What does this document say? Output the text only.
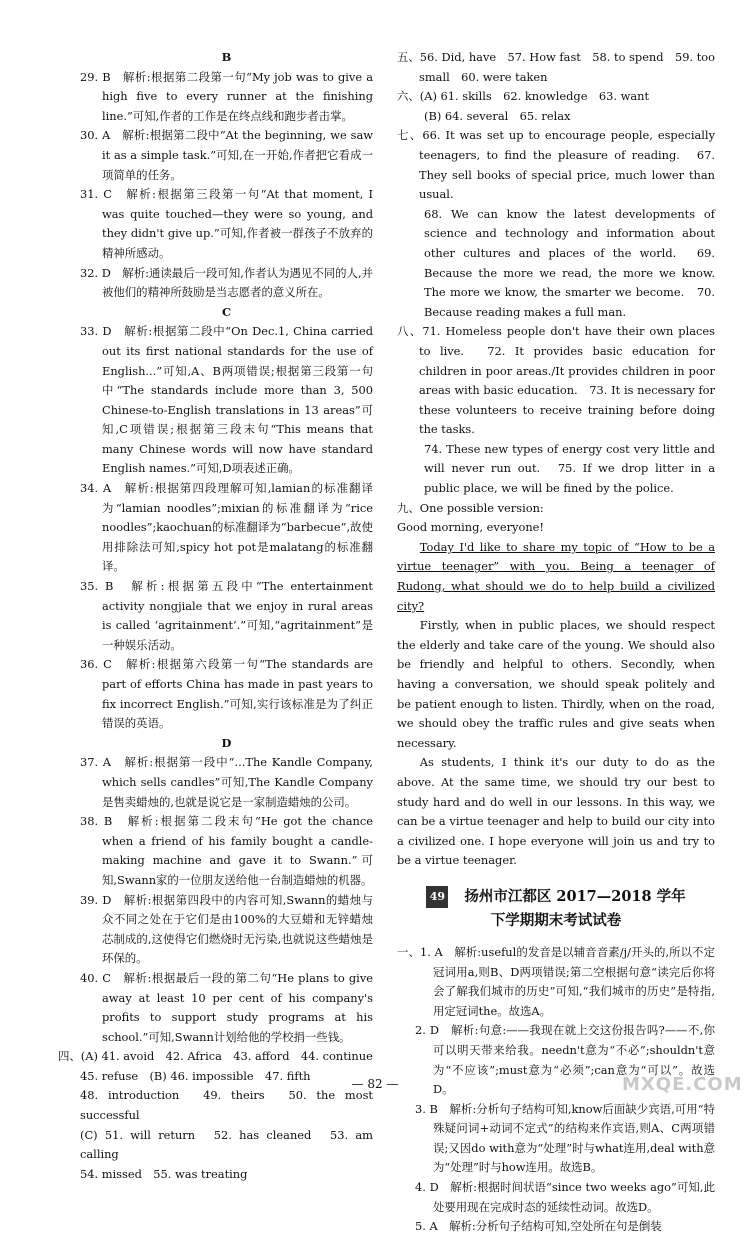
B

29. B　解析:根据第二段第一句“My job was to give a high five to every runner at the finishing line.”可知,作者的工作是在终点线和跑步者击掌。

30. A　解析:根据第二段中“At the beginning, we saw it as a simple task.”可知,在一开始,作者把它看成一项简单的任务。

31. C　解析:根据第三段第一句“At that moment, I was quite touched—they were so young, and they didn't give up.”可知,作者被一群孩子不放弃的精神所感动。

32. D　解析:通读最后一段可知,作者认为遇见不同的人,并被他们的精神所鼓励是当志愿者的意义所在。

C

33. D　解析:根据第二段中“On Dec.1, China carried out its first national standards for the use of English...”可知,A、B两项错误;根据第三段第一句中“The standards include more than 3, 500 Chinese-to-English translations in 13 areas”可知,C项错误;根据第三段末句“This means that many Chinese words will now have standard English names.”可知,D项表述正确。

34. A　解析:根据第四段理解可知,lamian的标准翻译为“lamian noodles”;mixian的标准翻译为“rice noodles”;kaochuan的标准翻译为“barbecue”,故使用排除法可知,spicy hot pot是malatang的标准翻译。

35. B　解析:根据第五段中“The entertainment activity nongjiale that we enjoy in rural areas is called ‘agritainment’.”可知,“agritainment”是一种娱乐活动。

36. C　解析:根据第六段第一句“The standards are part of efforts China has made in past years to fix incorrect English.”可知,实行该标准是为了纠正错误的英语。

D

37. A　解析:根据第一段中“...The Kandle Company, which sells candles”可知,The Kandle Company是售卖蜡烛的,也就是说它是一家制造蜡烛的公司。

38. B　解析:根据第二段末句“He got the chance when a friend of his family bought a candle-making machine and gave it to Swann.”可知,Swann家的一位朋友送给他一台制造蜡烛的机器。

39. D　解析:根据第四段中的内容可知,Swann的蜡烛与众不同之处在于它们是由100%的大豆蜡和无锌蜡烛芯制成的,这使得它们燃烧时无污染,也就说这些蜡烛是环保的。

40. C　解析:根据最后一段的第二句“He plans to give away at least 10 per cent of his company's profits to support study programs at his school.”可知,Swann计划给他的学校捐一些钱。

四、(A) 41. avoid　42. Africa　43. afford　44. continue

45. refuse　(B) 46. impossible　47. fifth

48. introduction　49. theirs　50. the most successful

(C) 51. will return　52. has cleaned　53. am calling

54. missed　55. was treating

五、56. Did, have　57. How fast　58. to spend　59. too small　60. were taken

六、(A) 61. skills　62. knowledge　63. want

(B) 64. several　65. relax

七、66. It was set up to encourage people, especially teenagers, to find the pleasure of reading.　67. They sell books of special price, much lower than usual.

68. We can know the latest developments of science and technology and information about other cultures and places of the world.　69. Because the more we read, the more we know. The more we know, the smarter we become.　70. Because reading makes a full man.

八、71. Homeless people don't have their own places to live.　72. It provides basic education for children in poor areas./It provides children in poor areas with basic education.　73. It is necessary for these volunteers to receive training before doing the tasks.

74. These new types of energy cost very little and will never run out.　75. If we drop litter in a public place, we will be fined by the police.

九、One possible version:

Good morning, everyone!

Today I'd like to share my topic of “How to be a virtue teenager” with you. Being a teenager of Rudong, what should we do to help build a civilized city?

Firstly, when in public places, we should respect the elderly and take care of the young. We should also be friendly and helpful to others. Secondly, when having a conversation, we should speak politely and be patient enough to listen. Thirdly, when on the road, we should obey the traffic rules and give seats when necessary.

As students, I think it's our duty to do as the above. At the same time, we should try our best to study hard and do well in our lessons. In this way, we can be a virtue teenager and help to build our city into a civilized one. I hope everyone will join us and try to be a virtue teenager.

49 扬州市江都区 2017—2018 学年

下学期期末考试试卷

一、1. A　解析:useful的发音是以辅音音素/j/开头的,所以不定冠词用a,则B、D两项错误;第二空根据句意“读完后你将会了解我们城市的历史”可知,“我们城市的历史”是特指,用定冠词the。故选A。

2. D　解析:句意:——我现在就上交这份报告吗?——不,你可以明天带来给我。needn't意为“不必”;shouldn't意为“不应该”;must意为“必须”;can意为“可以”。故选D。

3. B　解析:分析句子结构可知,know后面缺少宾语,可用“特殊疑问词+动词不定式”的结构来作宾语,则A、C两项错误;又因do with意为“处理”时与what连用,deal with意为“处理”时与how连用。故选B。

4. D　解析:根据时间状语“since two weeks ago”可知,此处要用现在完成时态的延续性动词。故选D。

5. A　解析:分析句子结构可知,空处所在句是倒装

— 82 —	MXQE.COM
